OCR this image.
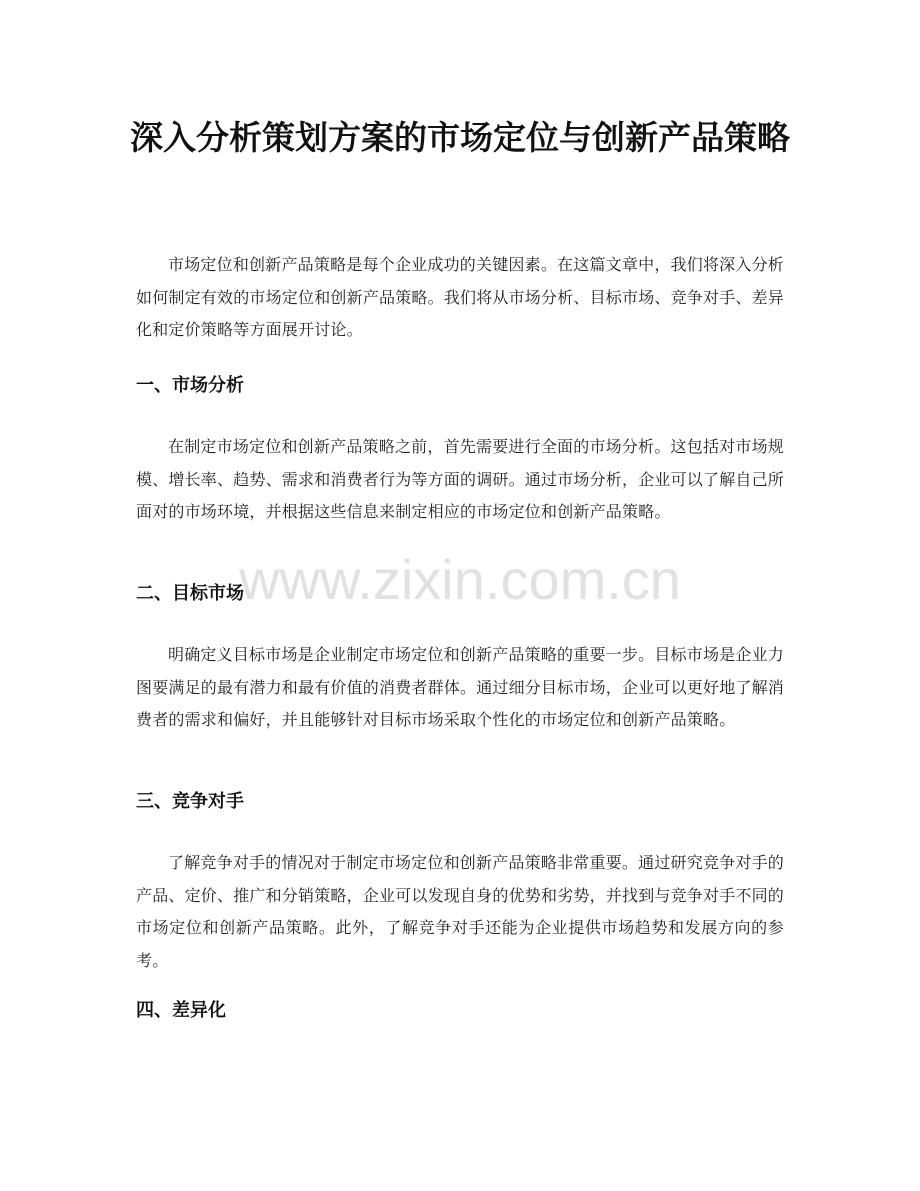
深入分析策划方案的市场定位与创新产品策略

市场定位和创新产品策略是每个企业成功的关键因素。在这篇文章中，我们将深入分析如何制定有效的市场定位和创新产品策略。我们将从市场分析、目标市场、竞争对手、差异化和定价策略等方面展开讨论。

一、市场分析

在制定市场定位和创新产品策略之前，首先需要进行全面的市场分析。这包括对市场规模、增长率、趋势、需求和消费者行为等方面的调研。通过市场分析，企业可以了解自己所面对的市场环境，并根据这些信息来制定相应的市场定位和创新产品策略。

二、目标市场

明确定义目标市场是企业制定市场定位和创新产品策略的重要一步。目标市场是企业力图要满足的最有潜力和最有价值的消费者群体。通过细分目标市场，企业可以更好地了解消费者的需求和偏好，并且能够针对目标市场采取个性化的市场定位和创新产品策略。

三、竞争对手

了解竞争对手的情况对于制定市场定位和创新产品策略非常重要。通过研究竞争对手的产品、定价、推广和分销策略，企业可以发现自身的优势和劣势，并找到与竞争对手不同的市场定位和创新产品策略。此外，了解竞争对手还能为企业提供市场趋势和发展方向的参考。

四、差异化
www.zixin.com.cn
